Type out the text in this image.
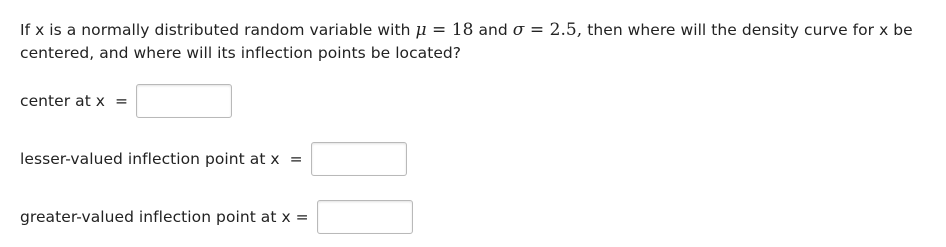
If x is a normally distributed random variable with μ = 18 and σ = 2.5, then where will the density curve for x be centered, and where will its inflection points be located?
center at x  =
lesser-valued inflection point at x  =
greater-valued inflection point at x =
